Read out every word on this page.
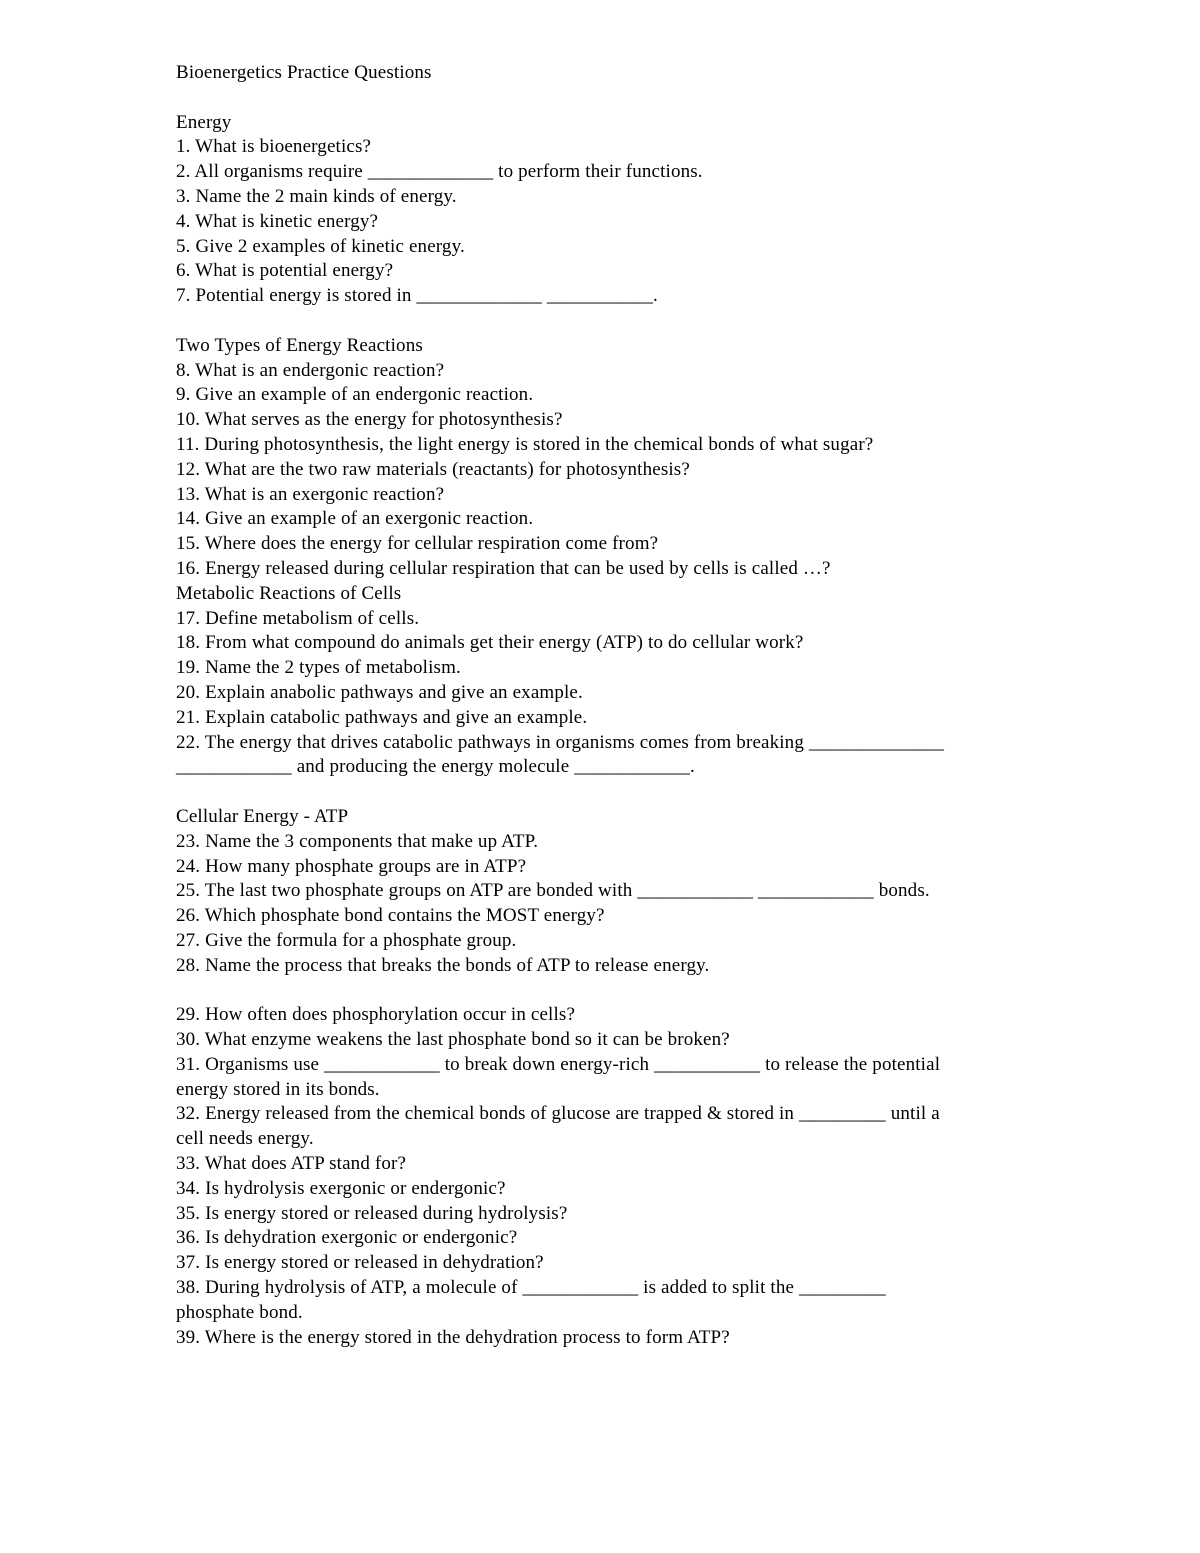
Bioenergetics Practice Questions

Energy

1. What is bioenergetics?

2. All organisms require _____________ to perform their functions.

3. Name the 2 main kinds of energy.

4. What is kinetic energy?

5. Give 2 examples of kinetic energy.

6. What is potential energy?

7. Potential energy is stored in _____________ ___________.

Two Types of Energy Reactions

8. What is an endergonic reaction?

9. Give an example of an endergonic reaction.

10. What serves as the energy for photosynthesis?

11. During photosynthesis, the light energy is stored in the chemical bonds of what sugar?

12. What are the two raw materials (reactants) for photosynthesis?

13. What is an exergonic reaction?

14. Give an example of an exergonic reaction.

15. Where does the energy for cellular respiration come from?

16. Energy released during cellular respiration that can be used by cells is called …?

Metabolic Reactions of Cells

17. Define metabolism of cells.

18. From what compound do animals get their energy (ATP) to do cellular work?

19. Name the 2 types of metabolism.

20. Explain anabolic pathways and give an example.

21. Explain catabolic pathways and give an example.

22. The energy that drives catabolic pathways in organisms comes from breaking ______________

____________ and producing the energy molecule ____________.

Cellular Energy - ATP

23. Name the 3 components that make up ATP.

24. How many phosphate groups are in ATP?

25. The last two phosphate groups on ATP are bonded with ____________ ____________ bonds.

26. Which phosphate bond contains the MOST energy?

27. Give the formula for a phosphate group.

28. Name the process that breaks the bonds of ATP to release energy.

29. How often does phosphorylation occur in cells?

30. What enzyme weakens the last phosphate bond so it can be broken?

31. Organisms use ____________ to break down energy-rich ___________ to release the potential

energy stored in its bonds.

32. Energy released from the chemical bonds of glucose are trapped & stored in _________ until a

cell needs energy.

33. What does ATP stand for?

34. Is hydrolysis exergonic or endergonic?

35. Is energy stored or released during hydrolysis?

36. Is dehydration exergonic or endergonic?

37. Is energy stored or released in dehydration?

38. During hydrolysis of ATP, a molecule of ____________ is added to split the _________

phosphate bond.

39. Where is the energy stored in the dehydration process to form ATP?
